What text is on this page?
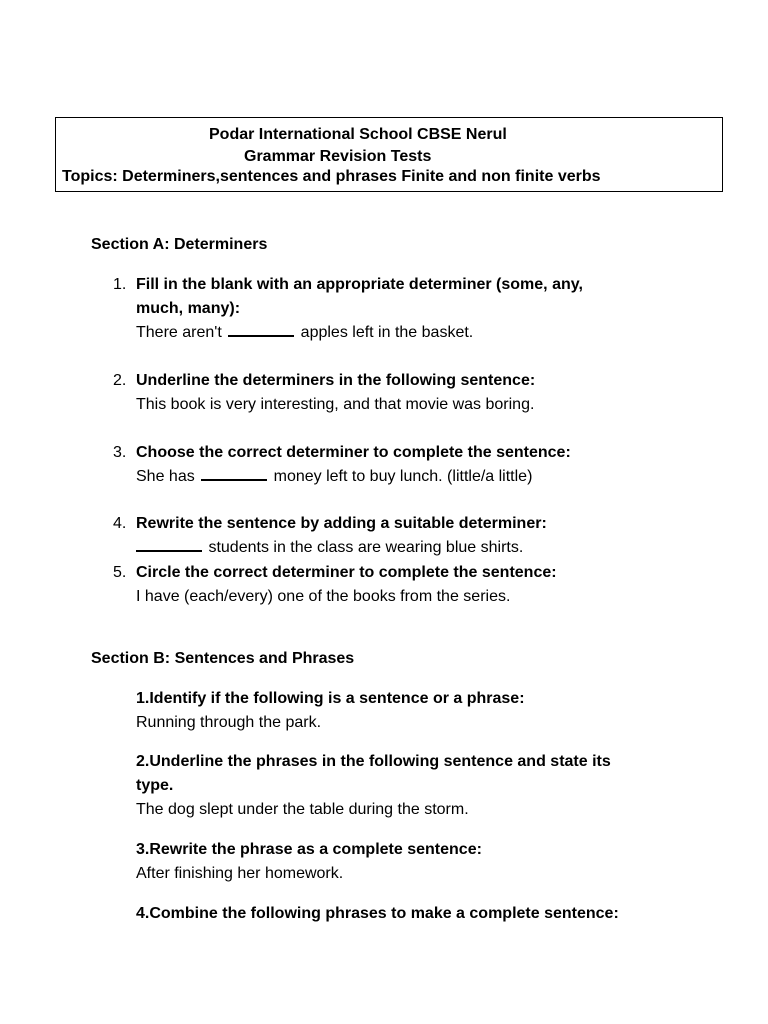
Podar International School CBSE Nerul
Grammar Revision Tests
Topics: Determiners,sentences and phrases Finite and non finite verbs
Section A: Determiners
1. Fill in the blank with an appropriate determiner (some, any,
much, many):
There aren't	apples left in the basket.
2. Underline the determiners in the following sentence:
This book is very interesting, and that movie was boring.
3. Choose the correct determiner to complete the sentence:
She has	money left to buy lunch. (little/a little)
4. Rewrite the sentence by adding a suitable determiner:
students in the class are wearing blue shirts.
5. Circle the correct determiner to complete the sentence:
I have (each/every) one of the books from the series.
Section B: Sentences and Phrases
1.Identify if the following is a sentence or a phrase:
Running through the park.
2.Underline the phrases in the following sentence and state its
type.
The dog slept under the table during the storm.
3.Rewrite the phrase as a complete sentence:
After finishing her homework.
4.Combine the following phrases to make a complete sentence:
